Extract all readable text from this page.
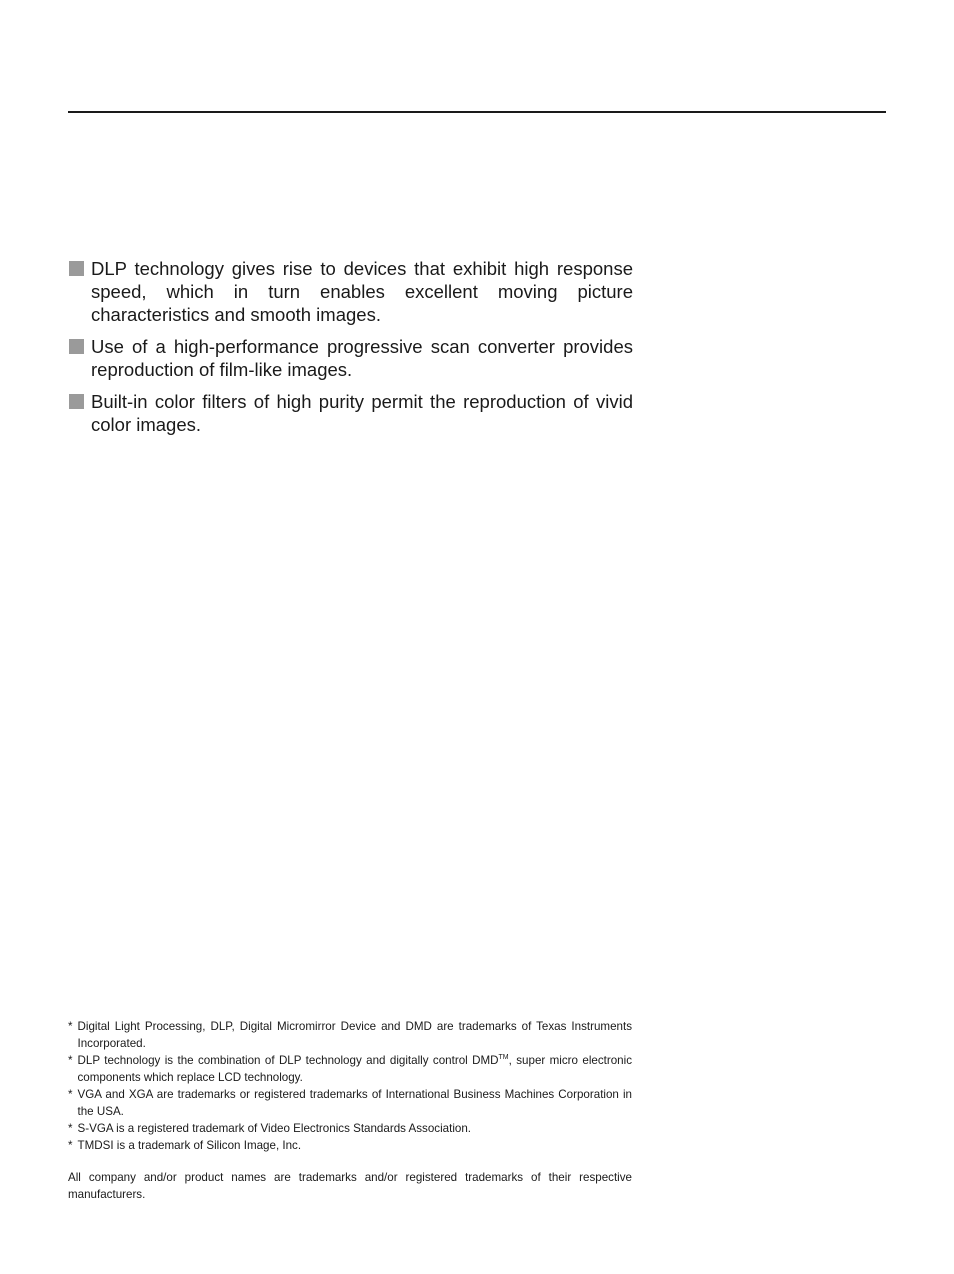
DLP technology gives rise to devices that exhibit high response speed, which in turn enables excellent moving picture characteristics and smooth images.
Use of a high-performance progressive scan converter provides reproduction of film-like images.
Built-in color filters of high purity permit the reproduction of vivid color images.
* Digital Light Processing, DLP, Digital Micromirror Device and DMD are trademarks of Texas Instruments Incorporated.
* DLP technology is the combination of DLP technology and digitally control DMD™, super micro electronic components which replace LCD technology.
* VGA and XGA are trademarks or registered trademarks of International Business Machines Corporation in the USA.
* S-VGA is a registered trademark of Video Electronics Standards Association.
* TMDSI is a trademark of Silicon Image, Inc.

All company and/or product names are trademarks and/or registered trademarks of their respective manufacturers.
